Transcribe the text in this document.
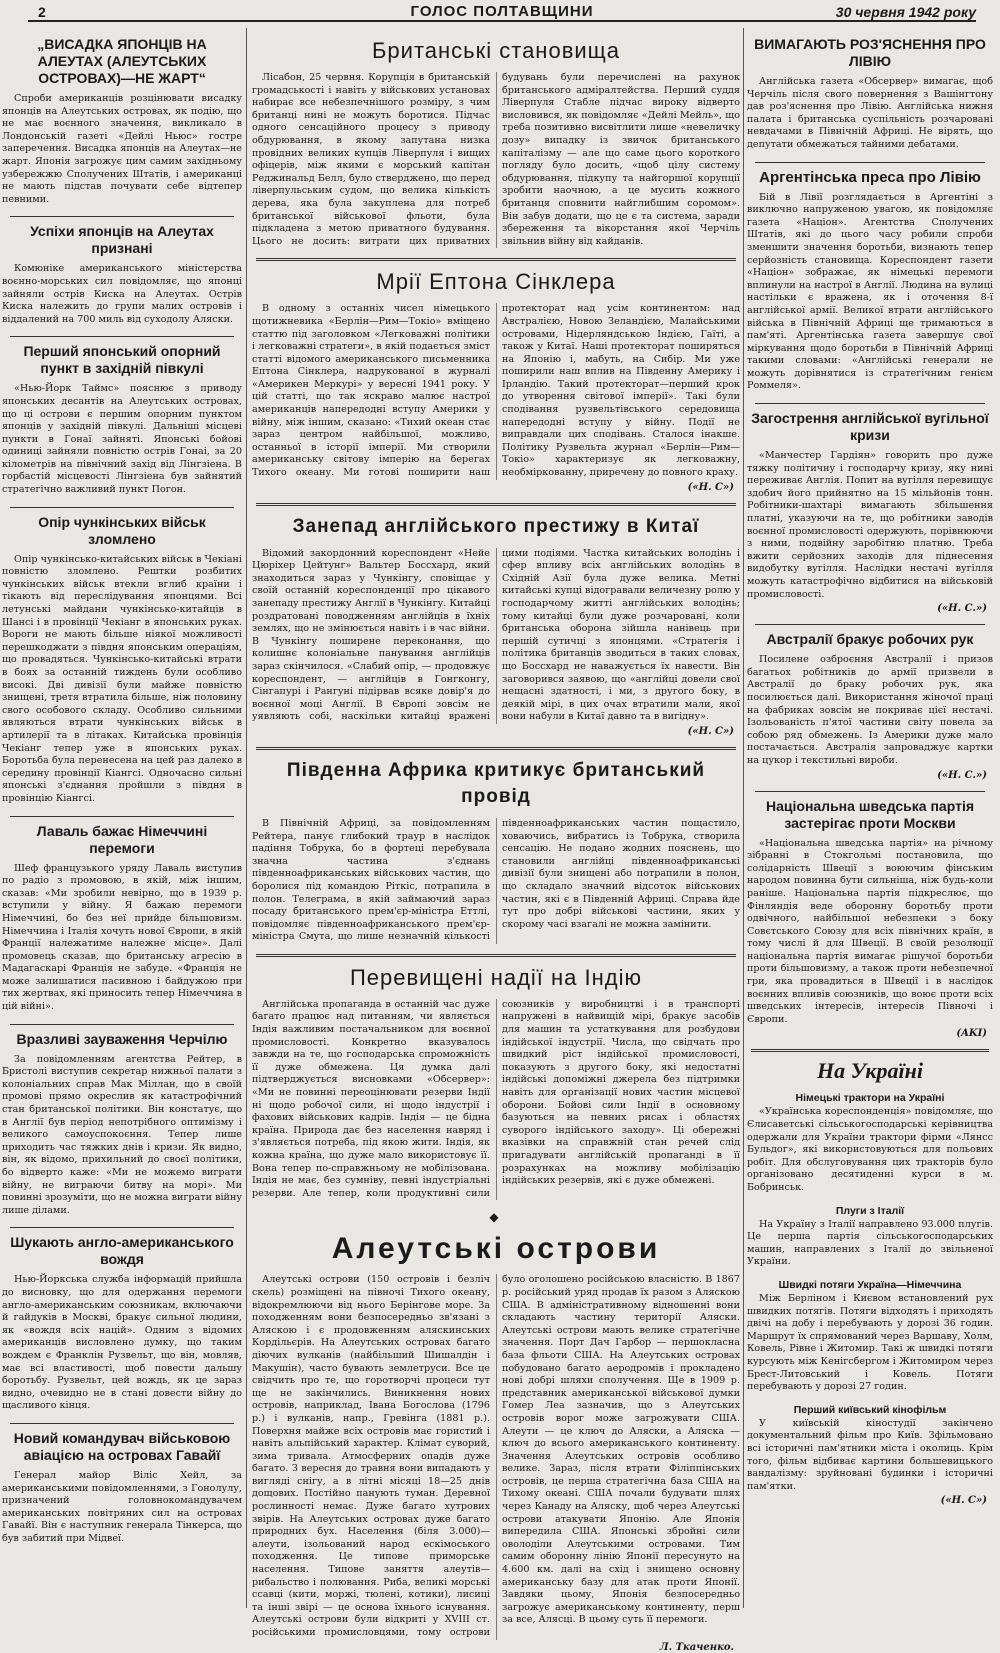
2	ГОЛОС ПОЛТАВЩИНИ	30 червня 1942 року
„ВИСАДКА ЯПОНЦІВ НА АЛЕУТАХ (АЛЕУТСЬКИХ ОСТРОВАХ)—НЕ ЖАРТ“
Спроби американців розцінювати висадку японців на Алеутських островах, як подію, що не має воєнного значення, викликало в Лондонській газеті «Дейлі Ньюс» гостре заперечення. Висадка японців на Алеутах—не жарт. Японія загрожує цим самим західньому узбережжю Сполучених Штатів, і американці не мають підстав почувати себе відтепер певними.
Успіхи японців на Алеутах признані
Комюніке американського міністерства воєнно-морських сил повідомляє, що японці зайняли острів Киска на Алеутах. Острів Киска належить до групи малих островів і віддалений на 700 миль від суходолу Аляски.
Перший японський опорний пункт в західній півкулі
«Нью-Йорк Таймс» пояснює з приводу японських десантів на Алеутських островах, що ці острови є першим опорним пунктом японців у західній півкулі. Дальніші місцеві пункти в Гонаї зайняті. Японські бойові одиниці зайняли повністю острів Гонаі, за 20 кілометрів на північний захід від Лінгзіена. В горбастій місцевості Лінгзіена був зайнятий стратегічно важливий пункт Погон.
Опір чункінських військ зломлено
Опір чункінсько-китайських військ в Чекіані повністю зломлено. Рештки розбитих чункінських військ втекли вглиб країни і тікають від переслідування японцями. Всі летунські майдани чункінсько-китайців в Шансі і в провінції Чекіанг в японських руках. Вороги не мають більше ніякої можливості перешкоджати з півдня японським операціям, що провадяться. Чункінсько-китайські втрати в боях за останній тиждень були особливо високі. Дві дивізії були майже повністю знищені, третя втратила більше, ніж половину свого особового складу. Особливо сильними являються втрати чункінських військ в артилерії та в літаках. Китайська провінція Чекіанг тепер уже в японських руках. Боротьба була перенесена на цей раз далеко в середину провінції Кіангсі. Одночасно сильні японські з'єднання пройшли з півдня в провінцію Кіангсі.
Лаваль бажає Німеччині перемоги
Шеф французького уряду Лаваль виступив по радіо з промовою, в якій, між іншим, сказав: «Ми зробили невірно, що в 1939 р. вступили у війну. Я бажаю перемоги Німеччині, бо без неї прийде більшовизм. Німеччина і Італія хочуть нової Європи, в якій Франції належатиме належне місце». Далі промовець сказав, що британську агресію в Мадагаскарі Франція не забуде. «Франція не може залишатися пасивною і байдужою при тих жертвах, які приносить тепер Німеччина в цій війні».
Вразливі зауваження Черчілю
За повідомленням агентства Рейтер, в Бристолі виступив секретар нижньої палати з колоніальних справ Мак Міллан, що в своїй промові прямо окреслив як катастрофічний стан британської політики. Він констатує, що в Англії був період непотрібного оптимізму і великого самоуспокоєння. Тепер лише приходить час тяжких днів і кризи. Як видно, він, як відомо, прихильний до своєї політики, бо відверто каже: «Ми не можемо виграти війну, не виграючи битву на морі». Ми повинні зрозуміти, що не можна виграти війну лише ділами.
Шукають англо-американського вождя
Нью-Йоркська служба інформацій прийшла до висновку, що для одержання перемоги англо-американським союзникам, включаючи й гайдуків в Москві, бракує сильної людини, як «вождя всіх націй». Одним з відомих американців висловлено думку, що таким вождем є Франклін Рузвельт, що він, мовляв, має всі властивості, щоб повести дальшу боротьбу. Рузвельт, цей вождь, як це зараз видно, очевидно не в стані довести війну до щасливого кінця.
Новий командувач військовою авіацією на островах Гавайї
Генерал майор Віліс Хейл, за американськими повідомленнями, з Гонолулу, призначений головнокомандувачем американських повітряних сил на островах Гавайї. Він є наступник генерала Тінкерса, що був забитий при Мідвеї.
Британські становища
Лісабон, 25 червня. Корупція в британській громадськості і навіть у військових установах набирає все небезпечнішого розміру, з чим британці нині не можуть боротися. Підчас одного сенсаційного процесу з приводу обдурювання, в якому запутана низка провідних великих купців Ліверпуля і вищих офіцерів, між якими є морський капітан Реджинальд Белл, було стверджено, що перед ліверпульським судом, що велика кількість дерева, яка була закуплена для потреб британської військової фльоти, була підкладена з метою приватного будування. Цього не досить: витрати цих приватних будувань були перечислені на рахунок британського адміралтейства. Перший суддя Ліверпуля Стабле підчас вироку відверто висловився, як повідомляє «Дейлі Мейль», що треба позитивно висвітлити лише «невеличку дозу» випадку із звичок британського капіталізму — але що саме цього короткого погляду було досить, «щоб цілу систему обдурювання, підкупу та найгоршої корупції зробити наочною, а це мусить кожного британця сповнити найглибшим соромом». Він забув додати, що це є та система, заради збереження та вікорстання якої Черчіль звільнив війну від кайданів.
Мрії Ептона Сінклера
В одному з останніх чисел німецького щотижневика «Берлін—Рим—Токіо» вміщено статтю під заголовком «Легковажні політики і легковажні стратеги», в якій подається зміст статті відомого американського письменника Ептона Сінклера, надрукованої в журналі «Америкен Меркурі» у вересні 1941 року. У цій статті, що так яскраво малює настрої американців напередодні вступу Америки у війну, між іншим, сказано: «Тихий океан стає зараз центром найбільшої, можливо, останньої в історії імперії. Ми створили американську світову імперію на берегах Тихого океану. Ми готові поширити наш протекторат над усім континентом: над Австралією, Новою Зеландією, Малайськими островами, Нідерляндською Індією, Гаїті, а також у Китаї. Наші протекторат поширяться на Японію і, мабуть, на Сибір. Ми уже поширили наш вплив на Південну Америку і Ірландію. Такий протекторат—перший крок до утворення світової імперії». Такі були сподівання рузвельтівського середовища напередодні вступу у війну. Події не виправдали цих сподівань. Сталося інакше. Політику Рузвельта журнал «Берлін—Рим—Токіо» характеризує як легковажну, необміркованну, приречену до повного краху.
(«Н. С»)
Занепад англійського престижу в Китаї
Відомий закордонний кореспондент «Нейе Цюріхер Цейтунг» Вальтер Боссхард, який знаходиться зараз у Чункінгу, сповіщає у своїй останній кореспонденції про цікавого занепаду престижу Англії в Чункінгу. Китайці роздратовані поводженням англійців в їхніх землях, що не змінюється навіть і в час війни. В Чункінгу поширене переконання, що колишнє колоніальне панування англійців зараз скінчилося. «Слабий опір, — продовжує кореспондент, — англійців в Гонгконгу, Сінгапурі і Рангуні підірвав всяке довір'я до воєнної моці Англії. В Європі зовсім не уявляють собі, наскільки китайці вражені цими подіями. Частка китайських володінь і сфер впливу всіх англійських володінь в Східній Азії була дуже велика. Метні китайські купці відогравали величезну ролю у господарчому житті англійських володінь; тому китайці були дуже розчаровані, коли британська оборона зійшла нанівець при першій сутичці з японцями. «Стратегія і політика британців зводиться в таких словах, що Боссхард не наважується їх навести. Він заговорився заявою, що «англійці довели свої нещасні здатності, і ми, з другого боку, в деякій мірі, в цих очах втратили мали, якої вони набули в Китаї давно та в вигідну».
(«Н. С»)
Південна Африка критикує британський провід
В Північній Африці, за повідомленням Рейтера, панує глибокий траур в наслідок падіння Тобрука, бо в фортеці перебувала значна частина з'єднань південноафриканських військових частин, що боролися під командою Ріткіс, потрапила в полон. Телеграма, в якій займаючий зараз посаду британського прем'єр-міністра Еттлі, повідомляє південноафриканського прем'єр-міністра Смута, що лише незначній кількості південноафриканських частин пощастило, ховаючись, вибратись із Тобрука, створила сенсацію. Не подано жодних пояснень, що становили англійці південноафриканські дивізії були знищені або потрапили в полон, що складало значний відсоток військових частин, які є в Південній Африці. Справа йде тут про добрі військові частини, яких у скорому часі взагалі не можна замінити.
Перевищені надії на Індію
Англійська пропаганда в останній час дуже багато працює над питанням, чи являється Індія важливим постачальником для воєнної промисловості. Конкретно вказувалось завжди на те, що господарська спроможність її дуже обмежена. Ця думка далі підтверджується висновками «Обсервер»: «Ми не повинні переоцінювати резерви Індії ні щодо робочої сили, ні щодо індустрії і фахових військових кадрів. Індія — це бідна країна. Природа дає без населення навряд і з'являється потреба, під якою жити. Індія, як кожна країна, що дуже мало використовує її. Вона тепер по-справжньому не мобілізована. Індія не має, без сумніву, певні індустріальні резерви. Але тепер, коли продуктивні сили союзників у виробництві і в транспорті напружені в найвищій мірі, бракує засобів для машин та устаткування для розбудови індійської індустрії. Числа, що свідчать про швидкий ріст індійської промисловості, показують з другого боку, які недостатні індійські допоміжні джерела без підтримки навіть для організації нових частин місцевої оборони. Бойові сили Індії в основному базуються на певних рисах і областях суворого індійського заходу». Ці обережні вказівки на справжній стан речей слід пригадувати англійській пропаганді в її розрахунках на можливу мобілізацію індійських резервів, які є дуже обмежені.
◆
Алеутські острови
Алеутські острови (150 островів і безліч скель) розміщені на півночі Тихого океану, відокремлюючи від нього Берінгове море. За походженням вони безпосередньо зв'язані з Аляскою і є продовженням аляскинських Кордільєрів. На Алеутських островах багато діючих вулканів (найбільший Шишалдін і Макушін), часто бувають землетруси. Все це свідчить про те, що горотворчі процеси тут ще не закінчились. Виникнення нових островів, наприклад, Івана Богослова (1796 р.) і вулканів, напр., Гревінга (1881 р.). Поверхня майже всіх островів має гористий і навіть альпійський характер. Клімат суворий, зима тривала. Атмосферних опадів дуже багато. З вересня до травня вони випадають у вигляді снігу, а в літні місяці 18—25 днів дощових. Постійно панують туман. Деревної рослинності немає. Дуже багато хутрових звірів. На Алеутських островах дуже багато природних бух. Населення (біля 3.000)—алеути, ізольований народ ескімоського походження. Це типове приморське населення. Типове заняття алеутів—рибальство і полювання. Риба, великі морські ссавці (кити, моржі, тюлені, котики), лисиці та інші звірі — це основа їхнього існування. Алеутські острови були відкриті у XVIII ст. російськими промисловцями, тому острови було оголошено російською власністю. В 1867 р. російський уряд продав їх разом з Аляскою США. В адміністративному відношенні вони складають частину території Аляски. Алеутські острови мають велике стратегічне значення. Порт Дач Гарбор — першокласна база фльоти США. На Алеутських островах побудовано багато аеродромів і прокладено нові добрі шляхи сполучення. Ще в 1909 р. представник американської військової думки Гомер Леа зазначив, що з Алеутських островів ворог може загрожувати США. Алеути — це ключ до Аляски, а Аляска — ключ до всього американського континенту. Значення Алеутських островів особливо велике. Зараз, після втрати Філіппінських островів, це перша стратегічна база США на Тихому океані. США почали будувати шлях через Канаду на Аляску, щоб через Алеутські острови атакувати Японію. Але Японія випередила США. Японські збройні сили оволоділи Алеутськими островами. Тим самим оборонну лінію Японії пересунуто на 4.600 км. далі на схід і знищено основну американську базу для атак проти Японії. Завдяки цьому, Японія безпосередньо загрожує американському континенту, перш за все, Алясці. В цьому суть її перемоги.
Л. Ткаченко.
ВИМАГАЮТЬ РОЗ'ЯСНЕННЯ ПРО ЛІВІЮ
Англійська газета «Обсервер» вимагає, щоб Черчіль після свого повернення з Вашінгтону дав роз'яснення про Лівію. Англійська нижня палата і британська суспільність розчаровані невдачами в Північній Африці. Не вірять, що депутати обмежаться тайними дебатами.
Аргентінська преса про Лівію
Бій в Лівії розглядається в Аргентіні з виключно напруженою увагою, як повідомляє газета «Націон». Агентства Сполучених Штатів, які до цього часу робили спроби зменшити значення боротьби, визнають тепер серйозність становища. Кореспондент газети «Націон» зображає, як німецькі перемоги вплинули на настрої в Англії. Людина на вулиці настільки є вражена, як і оточення 8-ї англійської армії. Великої втрати англійського війська в Північній Африці ще тримаються в пам'яті. Аргентінська газета завершує свої міркування щодо боротьби в Північній Африці такими словами: «Англійські генерали не можуть дорівнятися із стратегічним генієм Роммеля».
Загострення англійської вугільної кризи
«Манчестер Гардіян» говорить про дуже тяжку політичну і господарчу кризу, яку нині переживає Англія. Попит на вугілля перевищує здобич його прийнятно на 15 мільйонів тонн. Робітники-шахтарі вимагають збільшення платні, указуючи на те, що робітники заводів воєнної промисловості одержують, порівнюючи з ними, подвійну заробітню платню. Треба вжити серйозних заходів для піднесення видобутку вугілля. Наслідки нестачі вугілля можуть катастрофічно відбитися на військовій промисловості.
(«Н. С.»)
Австралії бракує робочих рук
Посилене озброєння Австралії і призов багатьох робітників до армії призвели в Австралії до браку робочих рук, яка посилюється далі. Використання жіночої праці на фабриках зовсім не покриває цієї нестачі. Ізольованість п'ятої частини світу повела за собою ряд обмежень. Із Америки дуже мало постачається. Австралія запроваджує картки на цукор і текстильні вироби.
(«Н. С.»)
Національна шведська партія застерігає проти Москви
«Національна шведська партія» на річному зібранні в Стокгольмі постановила, що солідарність Швеції з воюючим фінським народом повинна бути сильніша, ніж будь-коли раніше. Національна партія підкреслює, що Фінляндія веде оборонну боротьбу проти одвічного, найбільшої небезпеки з боку Совєтського Союзу для всіх північних країн, в тому числі й для Швеції. В своїй резолюції національна партія вимагає рішучої боротьби проти більшовизму, а також проти небезпечної гри, яка провадиться в Швеції і в наслідок воєнних впливів союзників, що воює проти всіх шведських інтересів, інтересів Півночі і Європи.
(AKI)
На Україні
Німецькі трактори на Україні
«Українська кореспонденція» повідомляє, що Єлисаветські сільськогосподарські керівництва одержали для України трактори фірми «Лянсс Бульдог», які використовуються для польових робіт. Для обслуговування цих тракторів було організовано десятиденні курси в м. Бобринськ.
Плуги з Італії
На Україну з Італії направлено 93.000 плугів. Це перша партія сільськогосподарських машин, направлених з Італії до звільненої України.
Швидкі потяги Україна—Німеччина
Між Берліном і Києвом встановлений рух швидких потягів. Потяги відходять і приходять двічі на добу і перебувають у дорозі 36 годин. Маршрут їх спрямований через Варшаву, Холм, Ковель, Рівне і Житомир. Такі ж швидкі потяги курсують між Кенігсбергом і Житомиром через Брест-Литовський і Ковель. Потяги перебувають у дорозі 27 годин.
Перший київський кінофільм
У київській кіностудії закінчено документальний фільм про Київ. Зфільмовано всі історичні пам'ятники міста і околиць. Крім того, фільм відбиває картини большевицького вандалізму: зруйновані будинки і історичні пам'ятки.
(«Н. С»)
